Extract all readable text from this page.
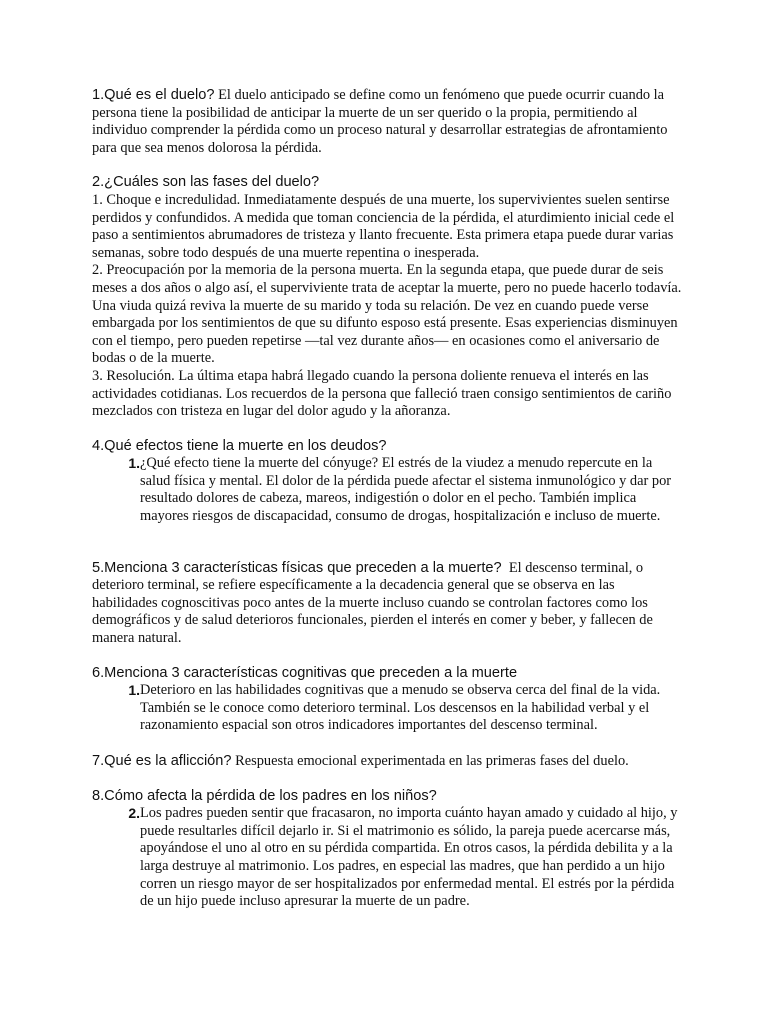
1.Qué es el duelo? El duelo anticipado se define como un fenómeno que puede ocurrir cuando la
persona tiene la posibilidad de anticipar la muerte de un ser querido o la propia, permitiendo al
individuo comprender la pérdida como un proceso natural y desarrollar estrategias de afrontamiento
para que sea menos dolorosa la pérdida.
2.¿Cuáles son las fases del duelo?
1. Choque e incredulidad. Inmediatamente después de una muerte, los supervivientes suelen sentirse
perdidos y confundidos. A medida que toman conciencia de la pérdida, el aturdimiento inicial cede el
paso a sentimientos abrumadores de tristeza y llanto frecuente. Esta primera etapa puede durar varias
semanas, sobre todo después de una muerte repentina o inesperada.
2. Preocupación por la memoria de la persona muerta. En la segunda etapa, que puede durar de seis
meses a dos años o algo así, el superviviente trata de aceptar la muerte, pero no puede hacerlo todavía.
Una viuda quizá reviva la muerte de su marido y toda su relación. De vez en cuando puede verse
embargada por los sentimientos de que su difunto esposo está presente. Esas experiencias disminuyen
con el tiempo, pero pueden repetirse —tal vez durante años— en ocasiones como el aniversario de
bodas o de la muerte.
3. Resolución. La última etapa habrá llegado cuando la persona doliente renueva el interés en las
actividades cotidianas. Los recuerdos de la persona que falleció traen consigo sentimientos de cariño
mezclados con tristeza en lugar del dolor agudo y la añoranza.
4.Qué efectos tiene la muerte en los deudos?
1. ¿Qué efecto tiene la muerte del cónyuge? El estrés de la viudez a menudo repercute en la
salud física y mental. El dolor de la pérdida puede afectar el sistema inmunológico y dar por
resultado dolores de cabeza, mareos, indigestión o dolor en el pecho. También implica
mayores riesgos de discapacidad, consumo de drogas, hospitalización e incluso de muerte.
5.Menciona 3 características físicas que preceden a la muerte?  El descenso terminal, o
deterioro terminal, se refiere específicamente a la decadencia general que se observa en las
habilidades cognoscitivas poco antes de la muerte incluso cuando se controlan factores como los
demográficos y de salud deterioros funcionales, pierden el interés en comer y beber, y fallecen de
manera natural.
6.Menciona 3 características cognitivas que preceden a la muerte
1. Deterioro en las habilidades cognitivas que a menudo se observa cerca del final de la vida.
También se le conoce como deterioro terminal. Los descensos en la habilidad verbal y el
razonamiento espacial son otros indicadores importantes del descenso terminal.
7.Qué es la aflicción? Respuesta emocional experimentada en las primeras fases del duelo.
8.Cómo afecta la pérdida de los padres en los niños?
2. Los padres pueden sentir que fracasaron, no importa cuánto hayan amado y cuidado al hijo, y
puede resultarles difícil dejarlo ir. Si el matrimonio es sólido, la pareja puede acercarse más,
apoyándose el uno al otro en su pérdida compartida. En otros casos, la pérdida debilita y a la
larga destruye al matrimonio. Los padres, en especial las madres, que han perdido a un hijo
corren un riesgo mayor de ser hospitalizados por enfermedad mental. El estrés por la pérdida
de un hijo puede incluso apresurar la muerte de un padre.
